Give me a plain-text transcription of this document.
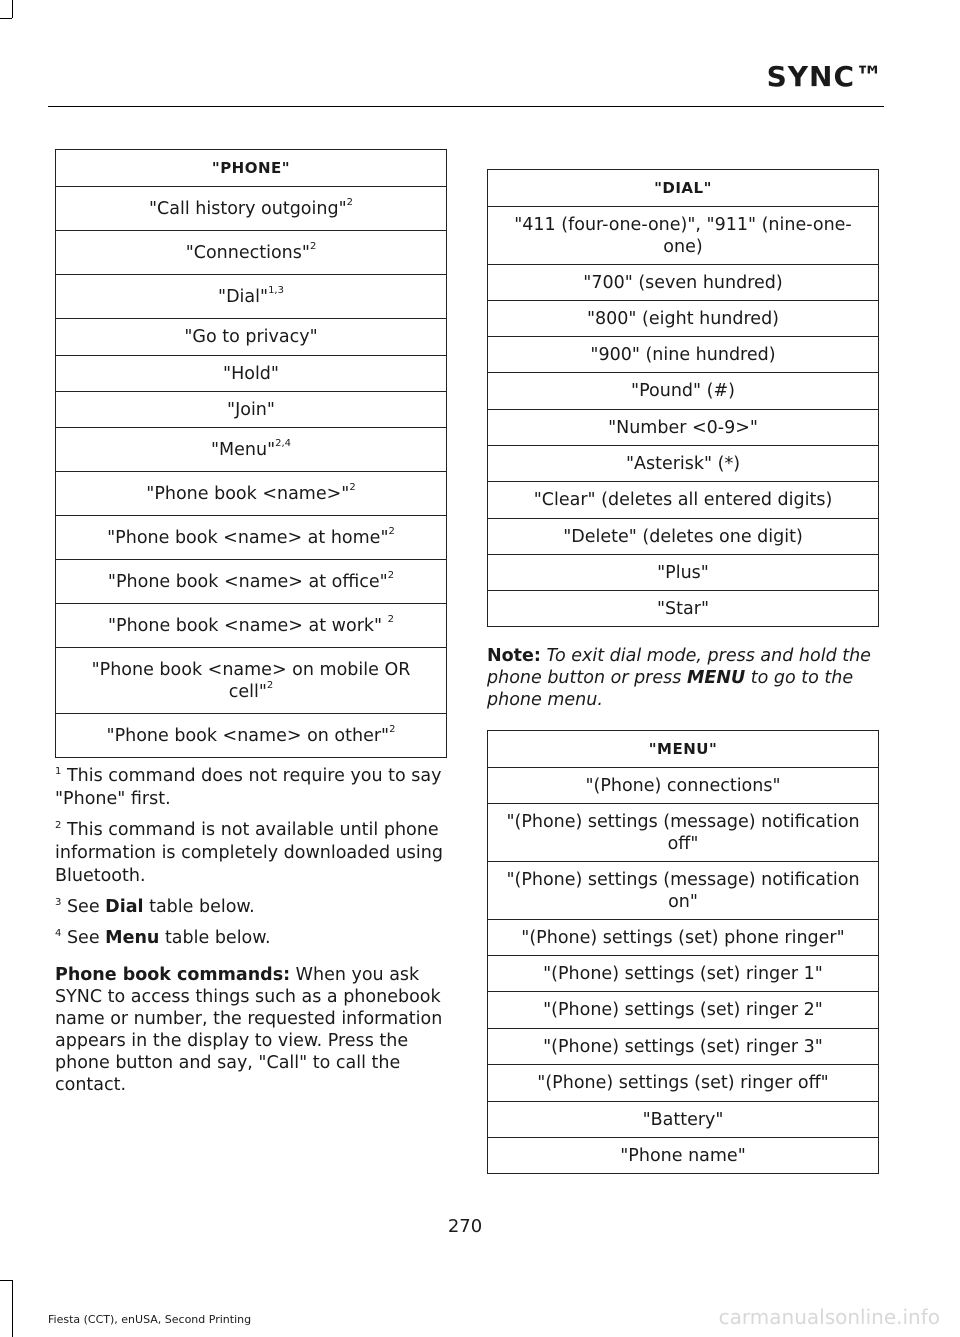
SYNC™
"PHONE"
"Call history outgoing"$^2$
"Connections"$^2$
"Dial"$^{1,3}$
"Go to privacy"
"Hold"
"Join"
"Menu"$^{2,4}$
"Phone book <name>"$^2$
"Phone book <name> at home"$^2$
"Phone book <name> at office"$^2$
"Phone book <name> at work" $^2$
"Phone book <name> on mobile OR cell"$^2$
"Phone book <name> on other"$^2$
$^1$ This command does not require you to say "Phone" first.
$^2$ This command is not available until phone information is completely downloaded using Bluetooth.
$^3$ See Dial table below.
$^4$ See Menu table below.
Phone book commands: When you ask SYNC to access things such as a phonebook name or number, the requested information appears in the display to view. Press the phone button and say, "Call" to call the contact.
"DIAL"
"411 (four-one-one)", "911" (nine-one-one)
"700" (seven hundred)
"800" (eight hundred)
"900" (nine hundred)
"Pound" (#)
"Number <0-9>"
"Asterisk" (*)
"Clear" (deletes all entered digits)
"Delete" (deletes one digit)
"Plus"
"Star"
Note: To exit dial mode, press and hold the phone button or press MENU to go to the phone menu.
"MENU"
"(Phone) connections"
"(Phone) settings (message) notification off"
"(Phone) settings (message) notification on"
"(Phone) settings (set) phone ringer"
"(Phone) settings (set) ringer 1"
"(Phone) settings (set) ringer 2"
"(Phone) settings (set) ringer 3"
"(Phone) settings (set) ringer off"
"Battery"
"Phone name"
270
Fiesta (CCT), enUSA, Second Printing	carmanualsonline.info
